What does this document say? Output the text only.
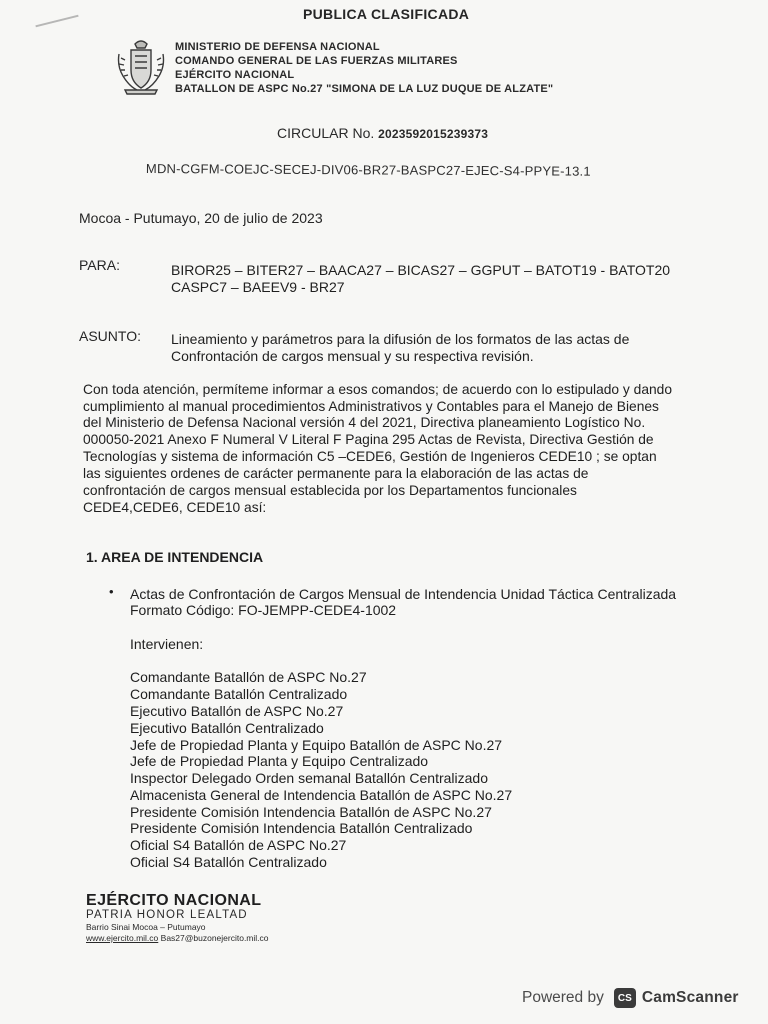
PUBLICA CLASIFICADA
MINISTERIO DE DEFENSA NACIONAL
COMANDO GENERAL DE LAS FUERZAS MILITARES
EJÉRCITO NACIONAL
BATALLON DE ASPC No.27 "SIMONA DE LA LUZ DUQUE DE ALZATE"
CIRCULAR No. 2023592015239373
MDN-CGFM-COEJC-SECEJ-DIV06-BR27-BASPC27-EJEC-S4-PPYE-13.1
Mocoa - Putumayo, 20 de julio de 2023
PARA:	BIROR25 – BITER27 – BAACA27 – BICAS27 – GGPUT – BATOT19 - BATOT20
CASPC7 – BAEEV9 - BR27
ASUNTO: Lineamiento y parámetros para la difusión de los formatos de las actas de
Confrontación de cargos mensual y su respectiva revisión.
Con toda atención, permíteme informar a esos comandos; de acuerdo con lo estipulado y dando
cumplimiento al manual procedimientos Administrativos y Contables para el Manejo de Bienes
del Ministerio de Defensa Nacional versión 4 del 2021, Directiva planeamiento Logístico No.
000050-2021 Anexo F Numeral V Literal F Pagina 295 Actas de Revista, Directiva Gestión de
Tecnologías y sistema de información C5 –CEDE6, Gestión de Ingenieros CEDE10 ; se optan
las siguientes ordenes de carácter permanente para la elaboración de las actas de
confrontación de cargos mensual establecida por los Departamentos funcionales
CEDE4,CEDE6, CEDE10 así:
1. AREA DE INTENDENCIA
• Actas de Confrontación de Cargos Mensual de Intendencia Unidad Táctica Centralizada
Formato Código: FO-JEMPP-CEDE4-1002
Intervienen:
Comandante Batallón de ASPC No.27
Comandante Batallón Centralizado
Ejecutivo Batallón de ASPC No.27
Ejecutivo Batallón Centralizado
Jefe de Propiedad Planta y Equipo Batallón de ASPC No.27
Jefe de Propiedad Planta y Equipo Centralizado
Inspector Delegado Orden semanal Batallón Centralizado
Almacenista General de Intendencia Batallón de ASPC No.27
Presidente Comisión Intendencia Batallón de ASPC No.27
Presidente Comisión Intendencia Batallón Centralizado
Oficial S4 Batallón de ASPC No.27
Oficial S4 Batallón Centralizado
EJÉRCITO NACIONAL
PATRIA HONOR LEALTAD
Barrio Sinai Mocoa – Putumayo
www.ejercito.mil.co Bas27@buzonejercito.mil.co
Powered by	CS CamScanner
